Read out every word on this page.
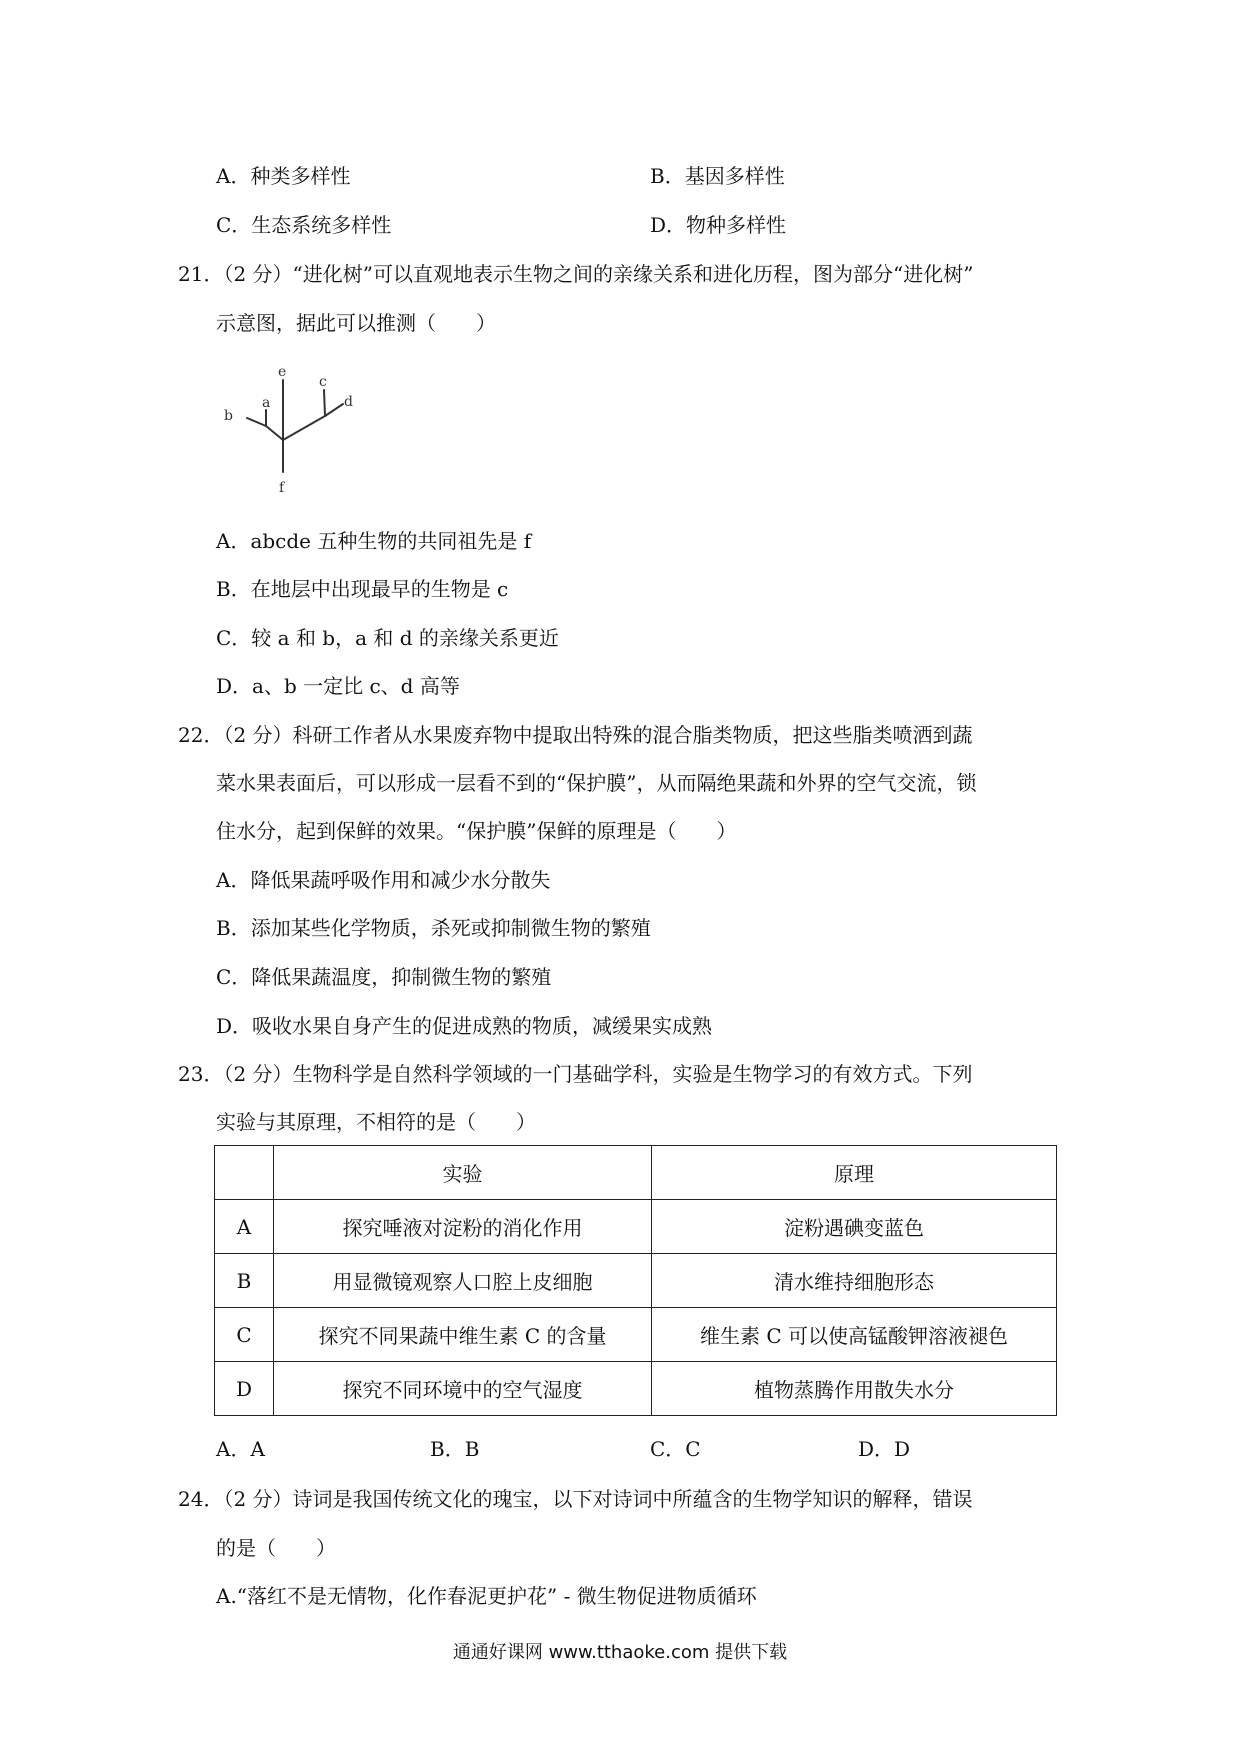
A．种类多样性	B．基因多样性
C．生态系统多样性	D．物种多样性
21．（2 分）“进化树”可以直观地表示生物之间的亲缘关系和进化历程，图为部分“进化树”
示意图，据此可以推测（　　）
e
c
d
a
b
f
A．abcde 五种生物的共同祖先是 f
B．在地层中出现最早的生物是 c
C．较 a 和 b，a 和 d 的亲缘关系更近
D．a、b 一定比 c、d 高等
22．（2 分）科研工作者从水果废弃物中提取出特殊的混合脂类物质，把这些脂类喷洒到蔬
菜水果表面后，可以形成一层看不到的“保护膜”，从而隔绝果蔬和外界的空气交流，锁
住水分，起到保鲜的效果。“保护膜”保鲜的原理是（　　）
A．降低果蔬呼吸作用和减少水分散失
B．添加某些化学物质，杀死或抑制微生物的繁殖
C．降低果蔬温度，抑制微生物的繁殖
D．吸收水果自身产生的促进成熟的物质，减缓果实成熟
23．（2 分）生物科学是自然科学领域的一门基础学科，实验是生物学习的有效方式。下列
实验与其原理，不相符的是（　　）
	实验	原理
A	探究唾液对淀粉的消化作用	淀粉遇碘变蓝色
B	用显微镜观察人口腔上皮细胞	清水维持细胞形态
C	探究不同果蔬中维生素 C 的含量	维生素 C 可以使高锰酸钾溶液褪色
D	探究不同环境中的空气湿度	植物蒸腾作用散失水分
A．A	B．B	C．C	D．D
24．（2 分）诗词是我国传统文化的瑰宝，以下对诗词中所蕴含的生物学知识的解释，错误
的是（　　）
A.“落红不是无情物，化作春泥更护花” - 微生物促进物质循环
通通好课网 www.tthaoke.com 提供下载
